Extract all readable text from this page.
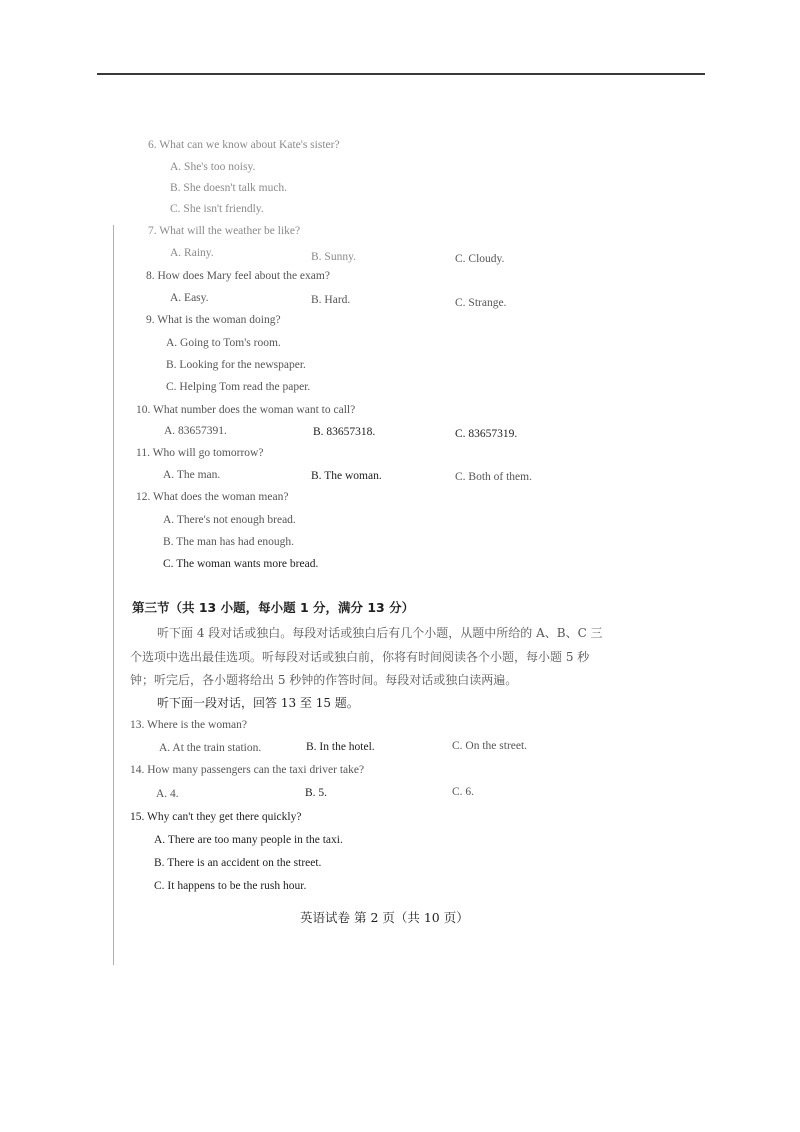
6. What can we know about Kate's sister?
A. She's too noisy.
B. She doesn't talk much.
C. She isn't friendly.
7. What will the weather be like?
A. Rainy.	B. Sunny.	C. Cloudy.
8. How does Mary feel about the exam?
A. Easy.	B. Hard.	C. Strange.
9. What is the woman doing?
A. Going to Tom's room.
B. Looking for the newspaper.
C. Helping Tom read the paper.
10. What number does the woman want to call?
A. 83657391.	B. 83657318.	C. 83657319.
11. Who will go tomorrow?
A. The man.	B. The woman.	C. Both of them.
12. What does the woman mean?
A. There's not enough bread.
B. The man has had enough.
C. The woman wants more bread.
第三节（共 13 小题，每小题 1 分，满分 13 分）
听下面 4 段对话或独白。每段对话或独白后有几个小题，从题中所给的 A、B、C 三
个选项中选出最佳选项。听每段对话或独白前，你将有时间阅读各个小题，每小题 5 秒
钟；听完后，各小题将给出 5 秒钟的作答时间。每段对话或独白读两遍。
听下面一段对话，回答 13 至 15 题。
13. Where is the woman?
A. At the train station.	B. In the hotel.	C. On the street.
14. How many passengers can the taxi driver take?
A. 4.	B. 5.	C. 6.
15. Why can't they get there quickly?
A. There are too many people in the taxi.
B. There is an accident on the street.
C. It happens to be the rush hour.
英语试卷 第 2 页（共 10 页）
